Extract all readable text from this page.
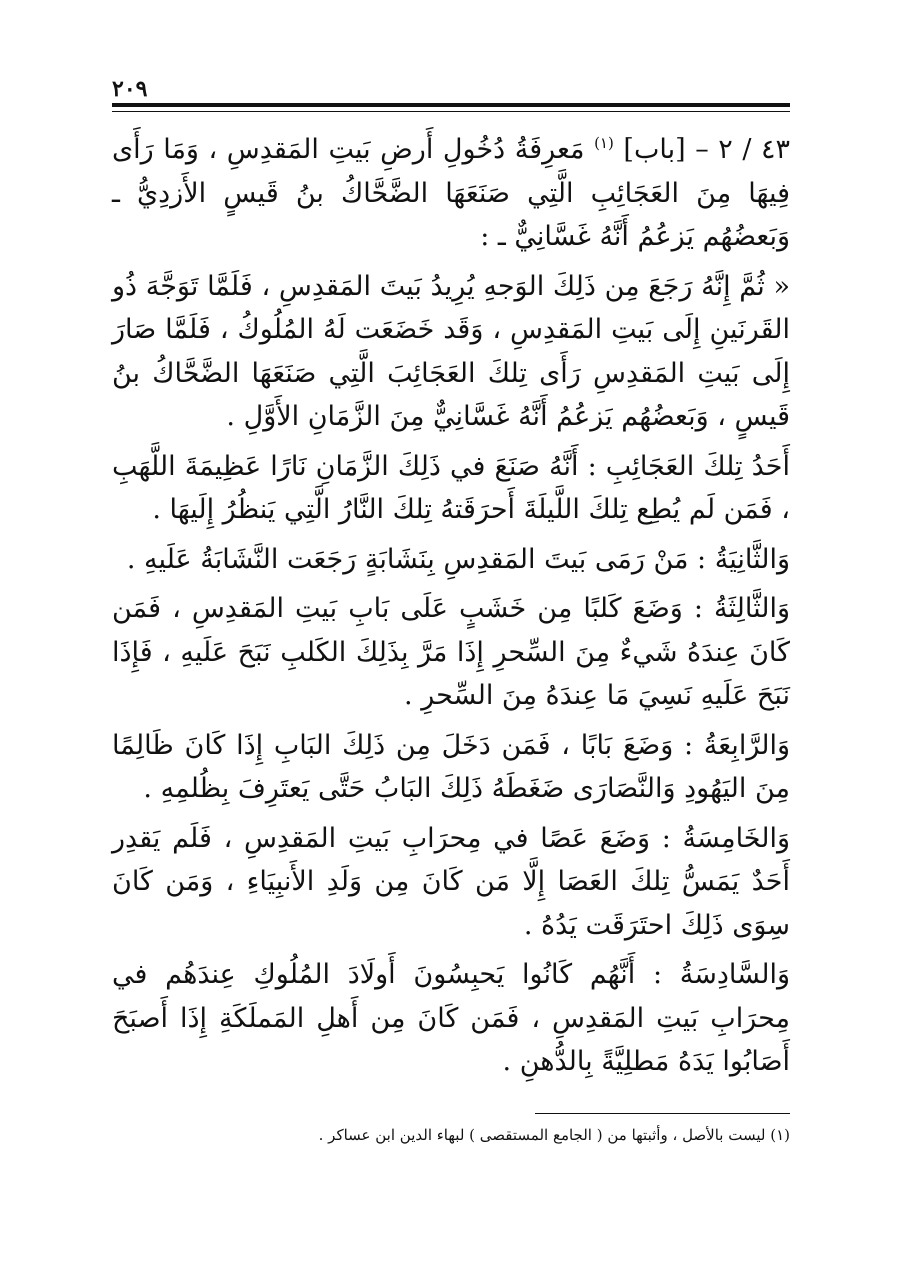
٢٠٩

٤٣ / ٢ – [باب] $^{(١)}$ مَعرِفَةُ دُخُولِ أَرضِ بَيتِ المَقدِسِ ، وَمَا رَأَى فِيهَا مِنَ العَجَائِبِ الَّتِي صَنَعَهَا الضَّحَّاكُ بنُ قَيسٍ الأَزدِيُّ ـ وَبَعضُهُم يَزعُمُ أَنَّهُ غَسَّانِيٌّ ـ :

« ثُمَّ إِنَّهُ رَجَعَ مِن ذَلِكَ الوَجهِ يُرِيدُ بَيتَ المَقدِسِ ، فَلَمَّا تَوَجَّهَ ذُو القَرنَينِ إِلَى بَيتِ المَقدِسِ ، وَقَد خَضَعَت لَهُ المُلُوكُ ، فَلَمَّا صَارَ إِلَى بَيتِ المَقدِسِ رَأَى تِلكَ العَجَائِبَ الَّتِي صَنَعَهَا الضَّحَّاكُ بنُ قَيسٍ ، وَبَعضُهُم يَزعُمُ أَنَّهُ غَسَّانِيٌّ مِنَ الزَّمَانِ الأَوَّلِ .

أَحَدُ تِلكَ العَجَائِبِ : أَنَّهُ صَنَعَ في ذَلِكَ الزَّمَانِ نَارًا عَظِيمَةَ اللَّهَبِ ، فَمَن لَم يُطِع تِلكَ اللَّيلَةَ أَحرَقَتهُ تِلكَ النَّارُ الَّتِي يَنظُرُ إِلَيهَا .

وَالثَّانِيَةُ : مَنْ رَمَى بَيتَ المَقدِسِ بِنَشَابَةٍ رَجَعَت النَّشَابَةُ عَلَيهِ .

وَالثَّالِثَةُ : وَضَعَ كَلبًا مِن خَشَبٍ عَلَى بَابِ بَيتِ المَقدِسِ ، فَمَن كَانَ عِندَهُ شَيءٌ مِنَ السِّحرِ إِذَا مَرَّ بِذَلِكَ الكَلبِ نَبَحَ عَلَيهِ ، فَإِذَا نَبَحَ عَلَيهِ نَسِيَ مَا عِندَهُ مِنَ السِّحرِ .

وَالرَّابِعَةُ : وَضَعَ بَابًا ، فَمَن دَخَلَ مِن ذَلِكَ البَابِ إِذَا كَانَ ظَالِمًا مِنَ اليَهُودِ وَالنَّصَارَى ضَغَطَهُ ذَلِكَ البَابُ حَتَّى يَعتَرِفَ بِظُلمِهِ .

وَالخَامِسَةُ : وَضَعَ عَصًا في مِحرَابِ بَيتِ المَقدِسِ ، فَلَم يَقدِر أَحَدٌ يَمَسُّ تِلكَ العَصَا إِلَّا مَن كَانَ مِن وَلَدِ الأَنبِيَاءِ ، وَمَن كَانَ سِوَى ذَلِكَ احتَرَقَت يَدُهُ .

وَالسَّادِسَةُ : أَنَّهُم كَانُوا يَحبِسُونَ أَولَادَ المُلُوكِ عِندَهُم في مِحرَابِ بَيتِ المَقدِسِ ، فَمَن كَانَ مِن أَهلِ المَملَكَةِ إِذَا أَصبَحَ أَصَابُوا يَدَهُ مَطلِيَّةً بِالدُّهنِ .

(١) ليست بالأصل ، وأثبتها من ( الجامع المستقصى ) لبهاء الدين ابن عساكر .
